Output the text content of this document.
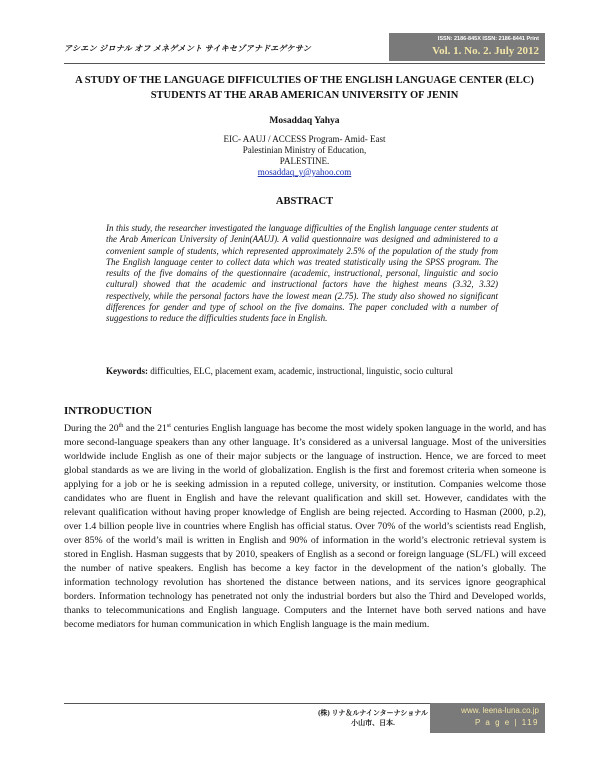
アシエン ジロナル オフ メネゲメント サイキセゾアナドエゲケサン
ISSN: 2186-845X ISSN: 2186-8441 Print
Vol. 1. No. 2. July 2012
A STUDY OF THE LANGUAGE DIFFICULTIES OF THE ENGLISH LANGUAGE CENTER (ELC) STUDENTS AT THE ARAB AMERICAN UNIVERSITY OF JENIN
Mosaddaq Yahya
EIC- AAUJ / ACCESS Program- Amid- East
Palestinian Ministry of Education,
PALESTINE.
mosaddaq_y@yahoo.com
ABSTRACT
In this study, the researcher investigated the language difficulties of the English language center students at the Arab American University of Jenin(AAUJ). A valid questionnaire was designed and administered to a convenient sample of students, which represented approximately 2.5% of the population of the study from The English language center to collect data which was treated statistically using the SPSS program. The results of the five domains of the questionnaire (academic, instructional, personal, linguistic and socio cultural) showed that the academic and instructional factors have the highest means (3.32, 3.32) respectively, while the personal factors have the lowest mean (2.75). The study also showed no significant differences for gender and type of school on the five domains. The paper concluded with a number of suggestions to reduce the difficulties students face in English.
Keywords: difficulties, ELC, placement exam, academic, instructional, linguistic, socio cultural
INTRODUCTION
During the 20th and the 21st centuries English language has become the most widely spoken language in the world, and has more second-language speakers than any other language. It’s considered as a universal language. Most of the universities worldwide include English as one of their major subjects or the language of instruction. Hence, we are forced to meet global standards as we are living in the world of globalization. English is the first and foremost criteria when someone is applying for a job or he is seeking admission in a reputed college, university, or institution. Companies welcome those candidates who are fluent in English and have the relevant qualification and skill set. However, candidates with the relevant qualification without having proper knowledge of English are being rejected. According to Hasman (2000, p.2), over 1.4 billion people live in countries where English has official status. Over 70% of the world’s scientists read English, over 85% of the world’s mail is written in English and 90% of information in the world’s electronic retrieval system is stored in English. Hasman suggests that by 2010, speakers of English as a second or foreign language (SL/FL) will exceed the number of native speakers. English has become a key factor in the development of the nation’s globally. The information technology revolution has shortened the distance between nations, and its services ignore geographical borders. Information technology has penetrated not only the industrial borders but also the Third and Developed worlds, thanks to telecommunications and English language. Computers and the Internet have both served nations and have become mediators for human communication in which English language is the main medium.
(株) リナ＆ルナインターナショナル
小山市、日本.
www. leena-luna.co.jp
P a g e | 119
